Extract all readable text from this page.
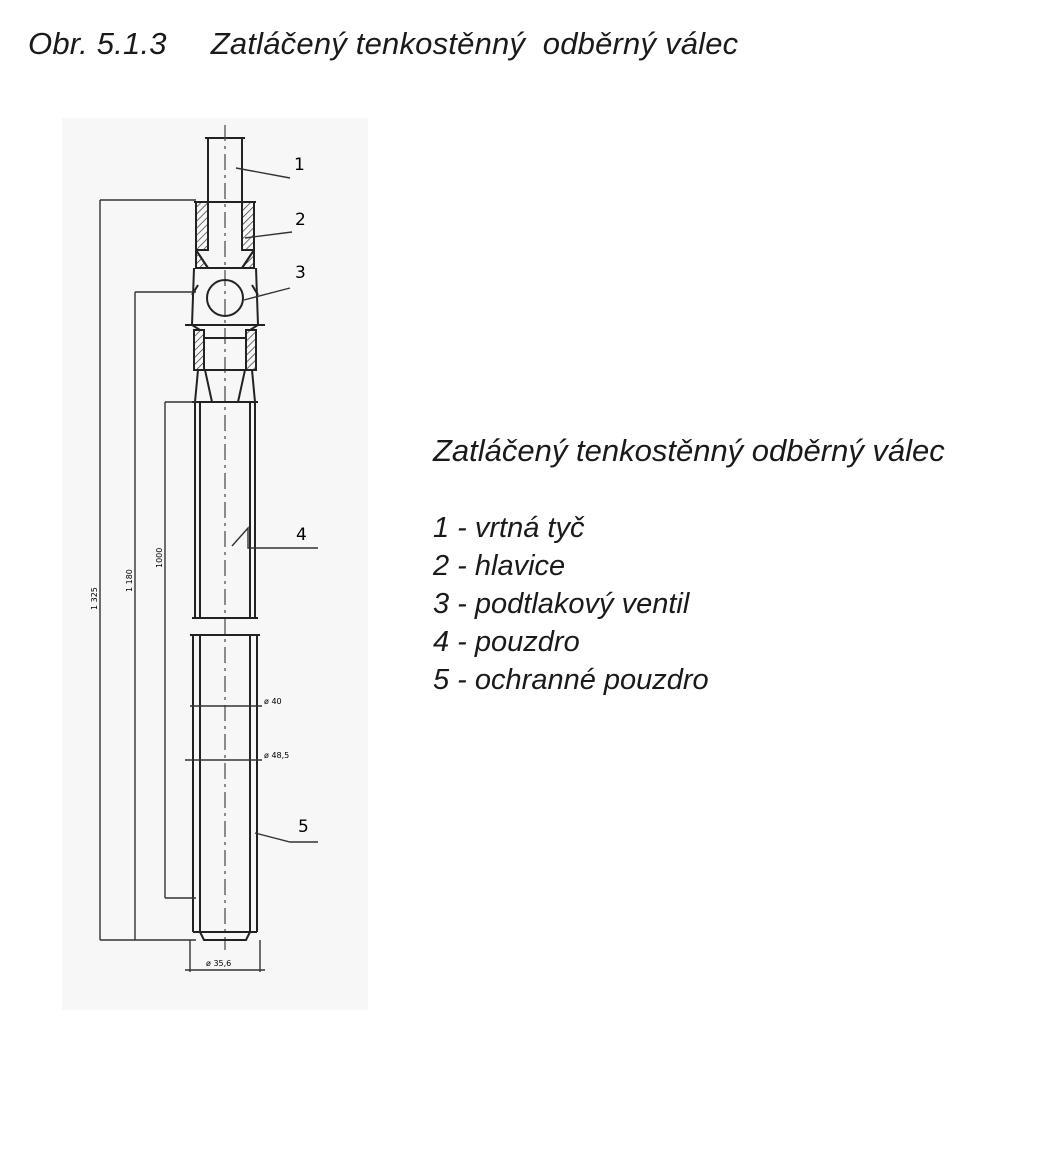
Obr. 5.1.3     Zatláčený tenkostěnný  odběrný válec
1
2
3
4
5
1 325
1 180
1000
ø 40
ø 48,5
ø 35,6
Zatláčený tenkostěnný odběrný válec
1 - vrtná tyč
2 - hlavice
3 - podtlakový ventil
4 - pouzdro
5 - ochranné pouzdro
